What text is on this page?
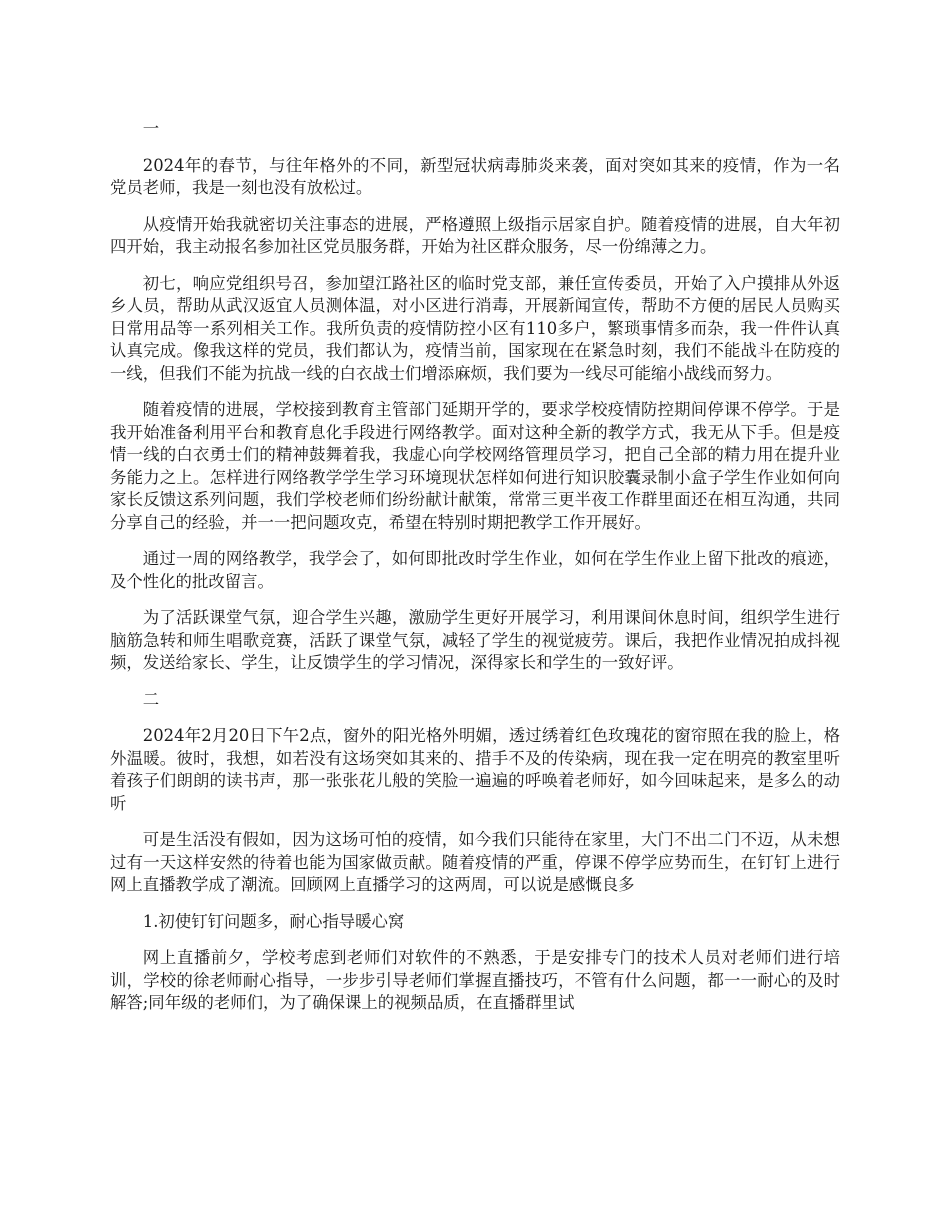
一

2024年的春节，与往年格外的不同，新型冠状病毒肺炎来袭，面对突如其来的疫情，作为一名党员老师，我是一刻也没有放松过。

从疫情开始我就密切关注事态的进展，严格遵照上级指示居家自护。随着疫情的进展，自大年初四开始，我主动报名参加社区党员服务群，开始为社区群众服务，尽一份绵薄之力。

初七，响应党组织号召，参加望江路社区的临时党支部，兼任宣传委员，开始了入户摸排从外返乡人员，帮助从武汉返宜人员测体温，对小区进行消毒，开展新闻宣传，帮助不方便的居民人员购买日常用品等一系列相关工作。我所负责的疫情防控小区有110多户，繁琐事情多而杂，我一件件认真认真完成。像我这样的党员，我们都认为，疫情当前，国家现在在紧急时刻，我们不能战斗在防疫的一线，但我们不能为抗战一线的白衣战士们增添麻烦，我们要为一线尽可能缩小战线而努力。

随着疫情的进展，学校接到教育主管部门延期开学的，要求学校疫情防控期间停课不停学。于是我开始准备利用平台和教育息化手段进行网络教学。面对这种全新的教学方式，我无从下手。但是疫情一线的白衣勇士们的精神鼓舞着我，我虚心向学校网络管理员学习，把自己全部的精力用在提升业务能力之上。怎样进行网络教学学生学习环境现状怎样如何进行知识胶囊录制小盒子学生作业如何向家长反馈这系列问题，我们学校老师们纷纷献计献策，常常三更半夜工作群里面还在相互沟通，共同分享自己的经验，并一一把问题攻克，希望在特别时期把教学工作开展好。

通过一周的网络教学，我学会了，如何即批改时学生作业，如何在学生作业上留下批改的痕迹，及个性化的批改留言。

为了活跃课堂气氛，迎合学生兴趣，激励学生更好开展学习，利用课间休息时间，组织学生进行脑筋急转和师生唱歌竞赛，活跃了课堂气氛，减轻了学生的视觉疲劳。课后，我把作业情况拍成抖视频，发送给家长、学生，让反馈学生的学习情况，深得家长和学生的一致好评。

二

2024年2月20日下午2点，窗外的阳光格外明媚，透过绣着红色玫瑰花的窗帘照在我的脸上，格外温暖。彼时，我想，如若没有这场突如其来的、措手不及的传染病，现在我一定在明亮的教室里听着孩子们朗朗的读书声，那一张张花儿般的笑脸一遍遍的呼唤着老师好，如今回味起来，是多么的动听

可是生活没有假如，因为这场可怕的疫情，如今我们只能待在家里，大门不出二门不迈，从未想过有一天这样安然的待着也能为国家做贡献。随着疫情的严重，停课不停学应势而生，在钉钉上进行网上直播教学成了潮流。回顾网上直播学习的这两周，可以说是感慨良多

1.初使钉钉问题多，耐心指导暖心窝

网上直播前夕，学校考虑到老师们对软件的不熟悉，于是安排专门的技术人员对老师们进行培训，学校的徐老师耐心指导，一步步引导老师们掌握直播技巧，不管有什么问题，都一一耐心的及时解答;同年级的老师们，为了确保课上的视频品质，在直播群里试
